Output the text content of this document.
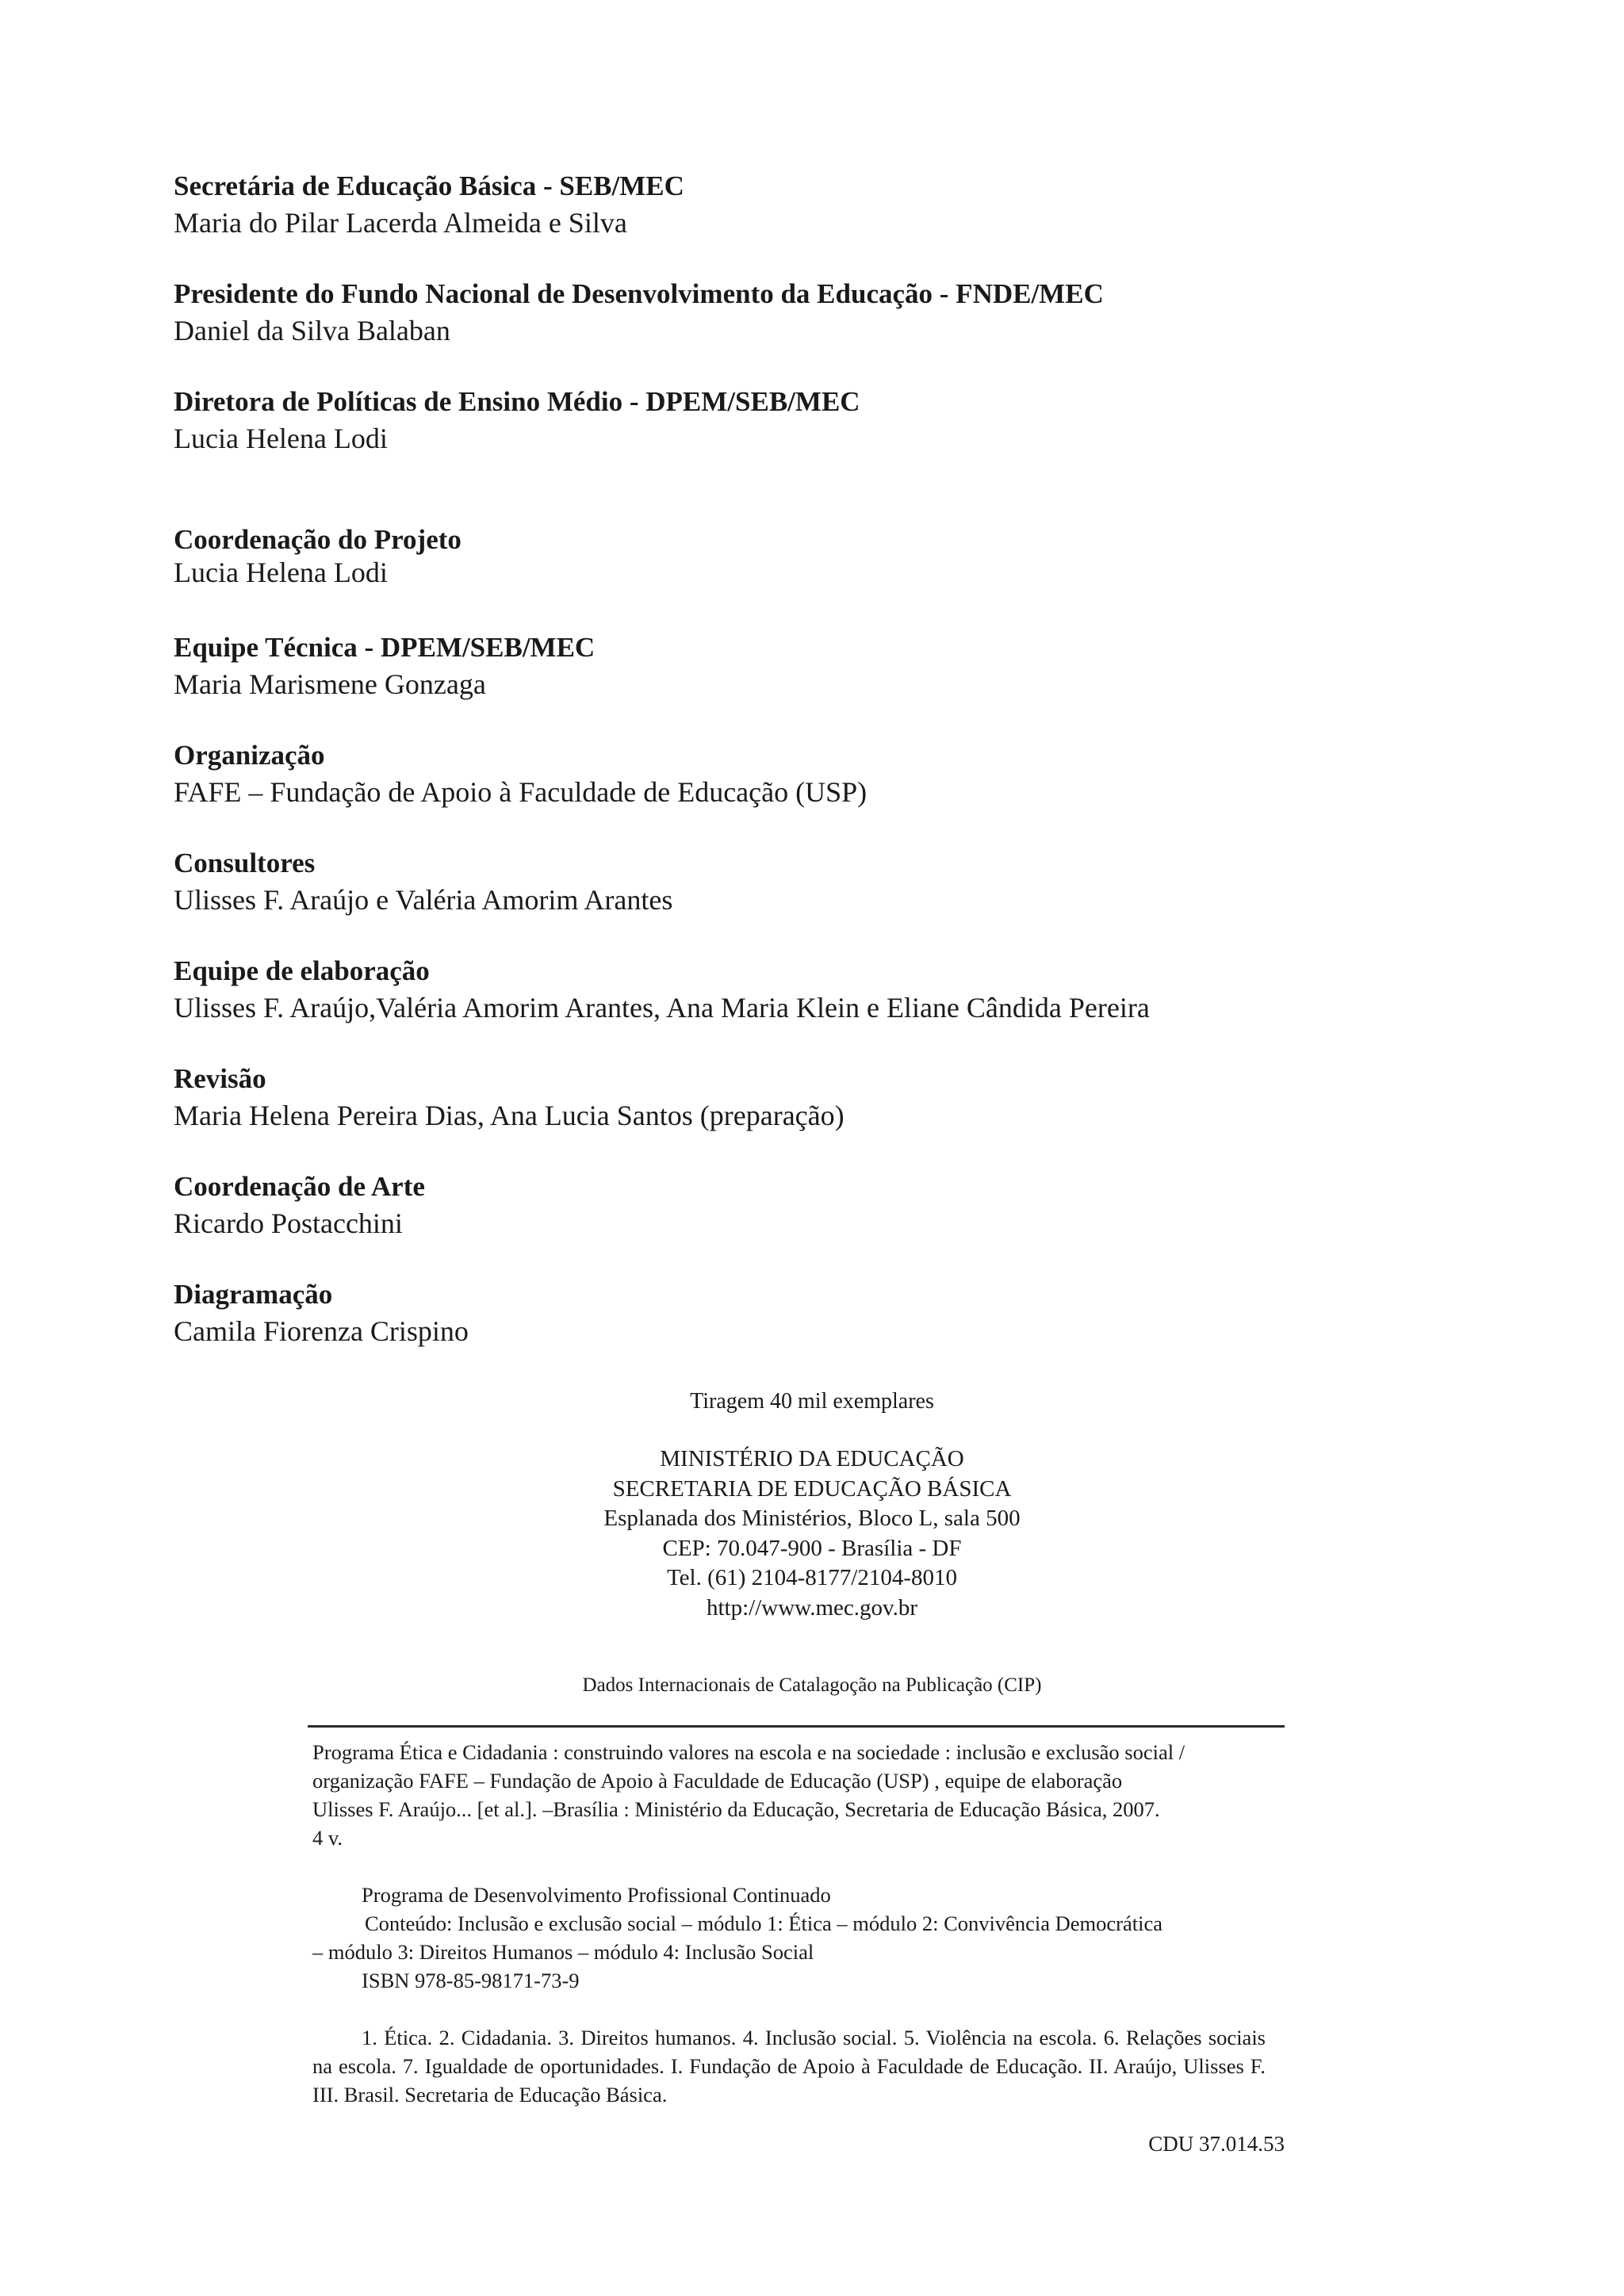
Secretária de Educação Básica - SEB/MEC
Maria do Pilar Lacerda Almeida e Silva
Presidente do Fundo Nacional de Desenvolvimento da Educação - FNDE/MEC
Daniel da Silva Balaban
Diretora de Políticas de Ensino Médio - DPEM/SEB/MEC
Lucia Helena Lodi
Coordenação do Projeto
Lucia Helena Lodi
Equipe Técnica - DPEM/SEB/MEC
Maria Marismene Gonzaga
Organização
FAFE – Fundação de Apoio à Faculdade de Educação (USP)
Consultores
Ulisses F. Araújo e Valéria Amorim Arantes
Equipe de elaboração
Ulisses F. Araújo,Valéria Amorim Arantes, Ana Maria Klein e Eliane Cândida Pereira
Revisão
Maria Helena Pereira Dias, Ana Lucia Santos (preparação)
Coordenação de Arte
Ricardo Postacchini
Diagramação
Camila Fiorenza Crispino
Tiragem 40 mil exemplares
MINISTÉRIO DA EDUCAÇÃO
SECRETARIA DE EDUCAÇÃO BÁSICA
Esplanada dos Ministérios, Bloco L, sala 500
CEP: 70.047-900 - Brasília - DF
Tel. (61) 2104-8177/2104-8010
http://www.mec.gov.br
Dados Internacionais de Catalagoção na Publicação (CIP)

Programa Ética e Cidadania : construindo valores na escola e na sociedade : inclusão e exclusão social /
organização FAFE – Fundação de Apoio à Faculdade de Educação (USP) , equipe de elaboração
Ulisses F. Araújo... [et al.]. –Brasília : Ministério da Educação, Secretaria de Educação Básica, 2007.
4 v.

Programa de Desenvolvimento Profissional Continuado

Conteúdo: Inclusão e exclusão social – módulo 1: Ética – módulo 2: Convivência Democrática

– módulo 3: Direitos Humanos – módulo 4: Inclusão Social

ISBN 978-85-98171-73-9

1. Ética. 2. Cidadania. 3. Direitos humanos. 4. Inclusão social. 5. Violência na escola. 6. Relações sociais na escola. 7. Igualdade de oportunidades. I. Fundação de Apoio à Faculdade de Educação. II. Araújo, Ulisses F. III. Brasil. Secretaria de Educação Básica.

CDU 37.014.53
